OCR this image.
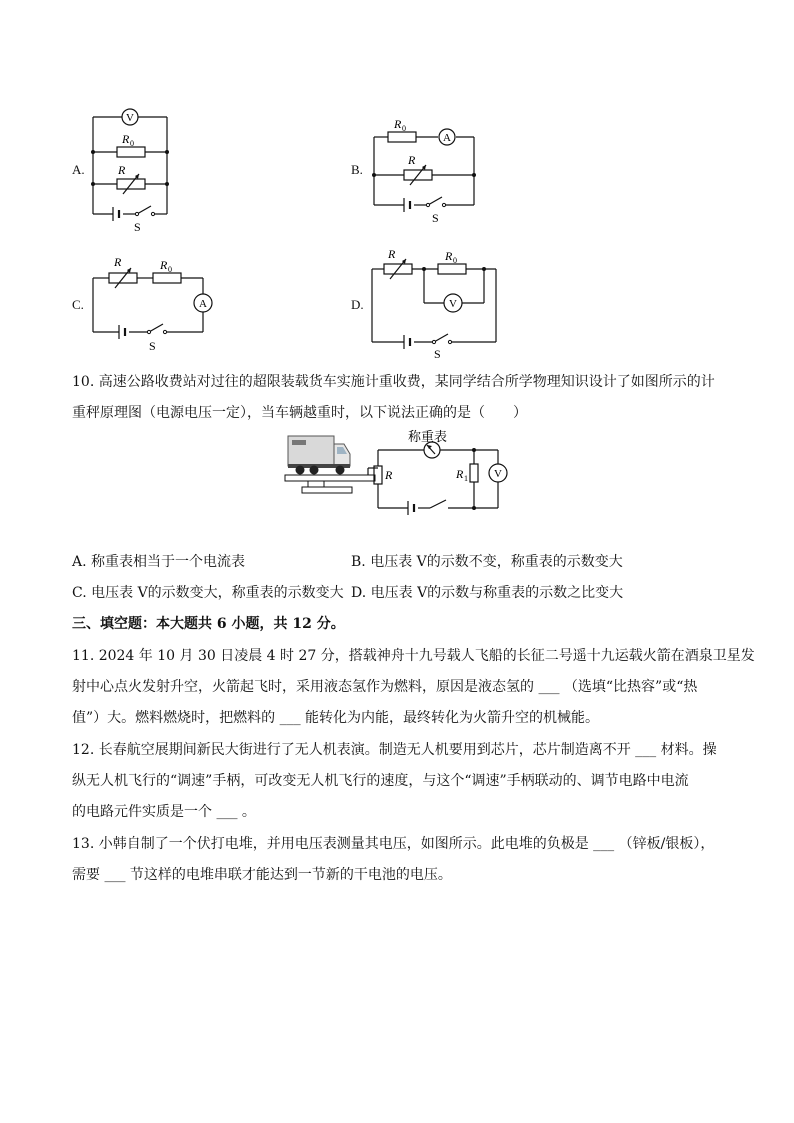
A.	B.
C.	D.
V
R 0
R
S
R 0
A
R
S
R	R 0
A
S
R	R 0
V
S
10. 高速公路收费站对过往的超限装载货车实施计重收费，某同学结合所学物理知识设计了如图所示的计
重秤原理图（电源电压一定），当车辆越重时，以下说法正确的是（　　）
称重表
R	R 1 V
A. 称重表相当于一个电流表	B. 电压表 V的示数不变，称重表的示数变大
C. 电压表 V的示数变大，称重表的示数变大 D. 电压表 V的示数与称重表的示数之比变大
三、填空题：本大题共 6 小题，共 12 分。
11. 2024 年 10 月 30 日凌晨 4 时 27 分，搭载神舟十九号载人飞船的长征二号遥十九运载火箭在酒泉卫星发
射中心点火发射升空，火箭起飞时，采用液态氢作为燃料，原因是液态氢的 ___ （选填“比热容”或“热
值”）大。燃料燃烧时，把燃料的 ___ 能转化为内能，最终转化为火箭升空的机械能。
12. 长春航空展期间新民大街进行了无人机表演。制造无人机要用到芯片，芯片制造离不开 ___ 材料。操
纵无人机飞行的“调速”手柄，可改变无人机飞行的速度，与这个“调速”手柄联动的、调节电路中电流
的电路元件实质是一个 ___ 。
13. 小韩自制了一个伏打电堆，并用电压表测量其电压，如图所示。此电堆的负极是 ___ （锌板/银板），
需要 ___ 节这样的电堆串联才能达到一节新的干电池的电压。
